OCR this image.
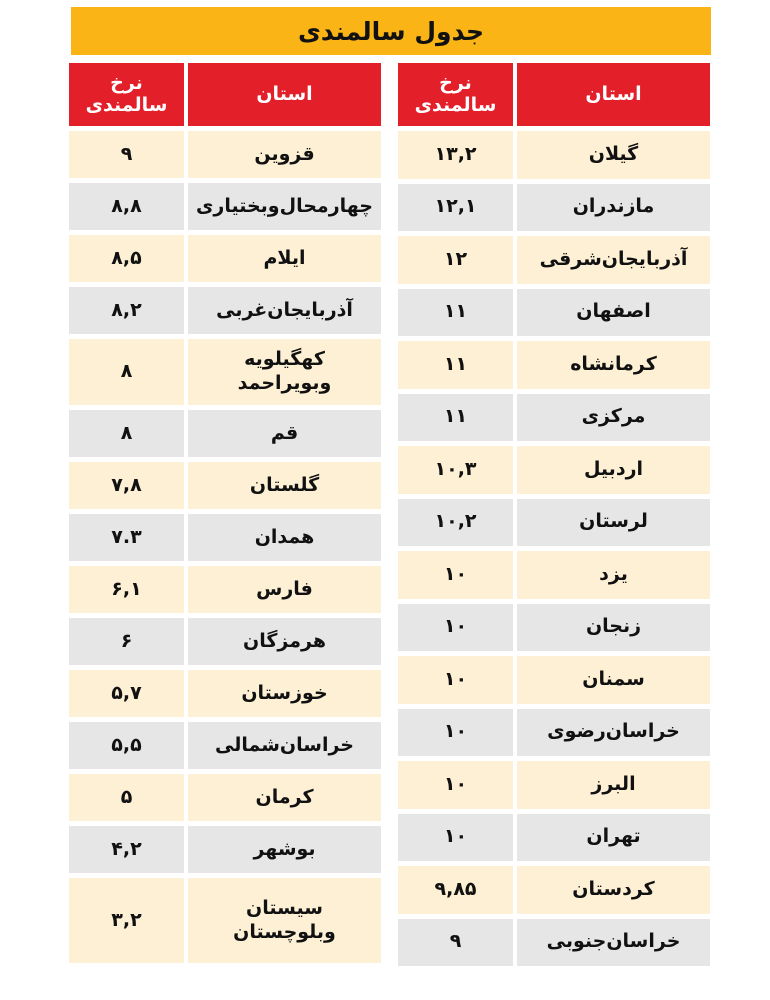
جدول سالمندی
استان
نرخ
سالمندی
گیلان
۱۳,۲
مازندران
۱۲,۱
آذربایجان‌شرقی
۱۲
اصفهان
۱۱
کرمانشاه
۱۱
مرکزی
۱۱
اردبیل
۱۰,۳
لرستان
۱۰,۲
یزد
۱۰
زنجان
۱۰
سمنان
۱۰
خراسان‌رضوی
۱۰
البرز
۱۰
تهران
۱۰
کردستان
۹,۸۵
خراسان‌جنوبی
۹
استان
نرخ
سالمندی
قزوین
۹
چهارمحال‌وبختیاری
۸,۸
ایلام
۸,۵
آذربایجان‌غربی
۸,۲
کهگیلویه
وبویراحمد
۸
قم
۸
گلستان
۷,۸
همدان
۷.۳
فارس
۶,۱
هرمزگان
۶
خوزستان
۵,۷
خراسان‌شمالی
۵,۵
کرمان
۵
بوشهر
۴,۲
سیستان
وبلوچستان
۳,۲
